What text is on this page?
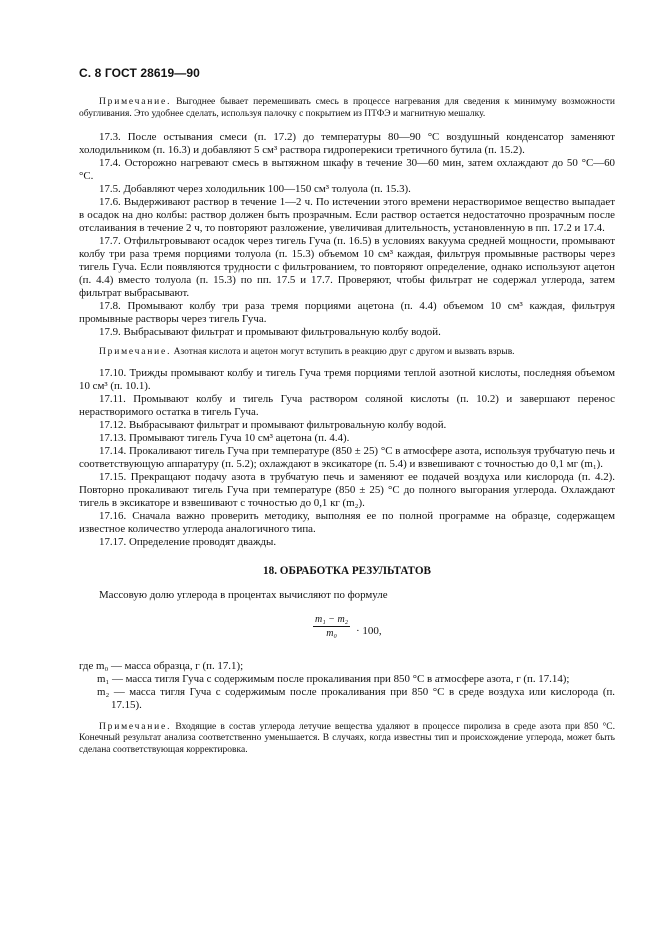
С. 8 ГОСТ 28619—90

Примечание. Выгоднее бывает перемешивать смесь в процессе нагревания для сведения к минимуму возможности обугливания. Это удобнее сделать, используя палочку с покрытием из ПТФЭ и магнитную мешалку.

17.3. После остывания смеси (п. 17.2) до температуры 80—90 °С воздушный конденсатор заменяют холодильником (п. 16.3) и добавляют 5 см³ раствора гидроперекиси третичного бутила (п. 15.2).

17.4. Осторожно нагревают смесь в вытяжном шкафу в течение 30—60 мин, затем охлаждают до 50 °С—60 °С.

17.5. Добавляют через холодильник 100—150 см³ толуола (п. 15.3).

17.6. Выдерживают раствор в течение 1—2 ч. По истечении этого времени нерастворимое вещество выпадает в осадок на дно колбы: раствор должен быть прозрачным. Если раствор остается недостаточно прозрачным после отслаивания в течение 2 ч, то повторяют разложение, увеличивая длительность, установленную в пп. 17.2 и 17.4.

17.7. Отфильтровывают осадок через тигель Гуча (п. 16.5) в условиях вакуума средней мощности, промывают колбу три раза тремя порциями толуола (п. 15.3) объемом 10 см³ каждая, фильтруя промывные растворы через тигель Гуча. Если появляются трудности с фильтрованием, то повторяют определение, однако используют ацетон (п. 4.4) вместо толуола (п. 15.3) по пп. 17.5 и 17.7. Проверяют, чтобы фильтрат не содержал углерода, затем фильтрат выбрасывают.

17.8. Промывают колбу три раза тремя порциями ацетона (п. 4.4) объемом 10 см³ каждая, фильтруя промывные растворы через тигель Гуча.

17.9. Выбрасывают фильтрат и промывают фильтровальную колбу водой.

Примечание. Азотная кислота и ацетон могут вступить в реакцию друг с другом и вызвать взрыв.

17.10. Трижды промывают колбу и тигель Гуча тремя порциями теплой азотной кислоты, последняя объемом 10 см³ (п. 10.1).

17.11. Промывают колбу и тигель Гуча раствором соляной кислоты (п. 10.2) и завершают перенос нерастворимого остатка в тигель Гуча.

17.12. Выбрасывают фильтрат и промывают фильтровальную колбу водой.

17.13. Промывают тигель Гуча 10 см³ ацетона (п. 4.4).

17.14. Прокаливают тигель Гуча при температуре (850 ± 25) °С в атмосфере азота, используя трубчатую печь и соответствующую аппаратуру (п. 5.2); охлаждают в эксикаторе (п. 5.4) и взвешивают с точностью до 0,1 мг (m₁).

17.15. Прекращают подачу азота в трубчатую печь и заменяют ее подачей воздуха или кислорода (п. 4.2). Повторно прокаливают тигель Гуча при температуре (850 ± 25) °С до полного выгорания углерода. Охлаждают тигель в эксикаторе и взвешивают с точностью до 0,1 кг (m₂).

17.16. Сначала важно проверить методику, выполняя ее по полной программе на образце, содержащем известное количество углерода аналогичного типа.

17.17. Определение проводят дважды.

18. ОБРАБОТКА РЕЗУЛЬТАТОВ

Массовую долю углерода в процентах вычисляют по формуле

$\frac{\text{m₁ − m₂}}{\text{m₀}} \cdot 100$,
где m₀ — масса образца, г (п. 17.1);
m₁ — масса тигля Гуча с содержимым после прокаливания при 850 °С в атмосфере азота, г (п. 17.14);
m₂ — масса тигля Гуча с содержимым после прокаливания при 850 °С в среде воздуха или кислорода (п. 17.15).

Примечание. Входящие в состав углерода летучие вещества удаляют в процессе пиролиза в среде азота при 850 °С. Конечный результат анализа соответственно уменьшается. В случаях, когда известны тип и происхождение углерода, может быть сделана соответствующая корректировка.
